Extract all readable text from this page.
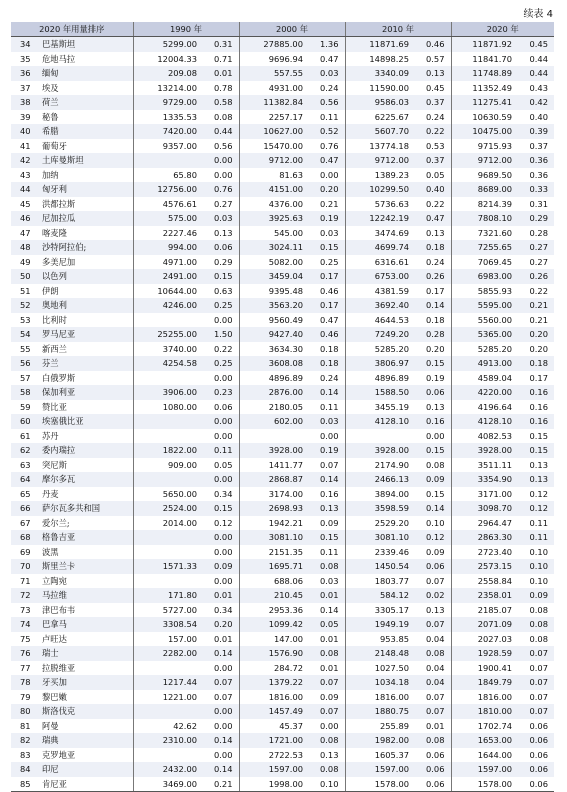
续表 4
2020 年用量排序		1990 年		2000 年		2010 年		2020 年	
34	巴基斯坦	5299.00	0.31	27885.00	1.36	11871.69	0.46	11871.92	0.45
35	危地马拉	12004.33	0.71	9696.94	0.47	14898.25	0.57	11841.70	0.44
36	缅甸	209.08	0.01	557.55	0.03	3340.09	0.13	11748.89	0.44
37	埃及	13214.00	0.78	4931.00	0.24	11590.00	0.45	11352.49	0.43
38	荷兰	9729.00	0.58	11382.84	0.56	9586.03	0.37	11275.41	0.42
39	秘鲁	1335.53	0.08	2257.17	0.11	6225.67	0.24	10630.59	0.40
40	希腊	7420.00	0.44	10627.00	0.52	5607.70	0.22	10475.00	0.39
41	葡萄牙	9357.00	0.56	15470.00	0.76	13774.18	0.53	9715.93	0.37
42	土库曼斯坦		0.00	9712.00	0.47	9712.00	0.37	9712.00	0.36
43	加纳	65.80	0.00	81.63	0.00	1389.23	0.05	9689.50	0.36
44	匈牙利	12756.00	0.76	4151.00	0.20	10299.50	0.40	8689.00	0.33
45	洪都拉斯	4576.61	0.27	4376.00	0.21	5736.63	0.22	8214.39	0.31
46	尼加拉瓜	575.00	0.03	3925.63	0.19	12242.19	0.47	7808.10	0.29
47	喀麦隆	2227.46	0.13	545.00	0.03	3474.69	0.13	7321.60	0.28
48	沙特阿拉伯;	994.00	0.06	3024.11	0.15	4699.74	0.18	7255.65	0.27
49	多美尼加	4971.00	0.29	5082.00	0.25	6316.61	0.24	7069.45	0.27
50	以色列	2491.00	0.15	3459.04	0.17	6753.00	0.26	6983.00	0.26
51	伊朗	10644.00	0.63	9395.48	0.46	4381.59	0.17	5855.93	0.22
52	奥地利	4246.00	0.25	3563.20	0.17	3692.40	0.14	5595.00	0.21
53	比利时		0.00	9560.49	0.47	4644.53	0.18	5560.00	0.21
54	罗马尼亚	25255.00	1.50	9427.40	0.46	7249.20	0.28	5365.00	0.20
55	新西兰	3740.00	0.22	3634.30	0.18	5285.20	0.20	5285.20	0.20
56	芬兰	4254.58	0.25	3608.08	0.18	3806.97	0.15	4913.00	0.18
57	白俄罗斯		0.00	4896.89	0.24	4896.89	0.19	4589.04	0.17
58	保加利亚	3906.00	0.23	2876.00	0.14	1588.50	0.06	4220.00	0.16
59	赞比亚	1080.00	0.06	2180.05	0.11	3455.19	0.13	4196.64	0.16
60	埃塞俄比亚		0.00	602.00	0.03	4128.10	0.16	4128.10	0.16
61	苏丹		0.00		0.00		0.00	4082.53	0.15
62	委内瑞拉	1822.00	0.11	3928.00	0.19	3928.00	0.15	3928.00	0.15
63	突尼斯	909.00	0.05	1411.77	0.07	2174.90	0.08	3511.11	0.13
64	摩尔多瓦		0.00	2868.87	0.14	2466.13	0.09	3354.90	0.13
65	丹麦	5650.00	0.34	3174.00	0.16	3894.00	0.15	3171.00	0.12
66	萨尔瓦多共和国	2524.00	0.15	2698.93	0.13	3598.59	0.14	3098.70	0.12
67	爱尔兰;	2014.00	0.12	1942.21	0.09	2529.20	0.10	2964.47	0.11
68	格鲁吉亚		0.00	3081.10	0.15	3081.10	0.12	2863.30	0.11
69	波黑		0.00	2151.35	0.11	2339.46	0.09	2723.40	0.10
70	斯里兰卡	1571.33	0.09	1695.71	0.08	1450.54	0.06	2573.15	0.10
71	立陶宛		0.00	688.06	0.03	1803.77	0.07	2558.84	0.10
72	马拉维	171.80	0.01	210.45	0.01	584.12	0.02	2358.01	0.09
73	津巴布韦	5727.00	0.34	2953.36	0.14	3305.17	0.13	2185.07	0.08
74	巴拿马	3308.54	0.20	1099.42	0.05	1949.19	0.07	2071.09	0.08
75	卢旺达	157.00	0.01	147.00	0.01	953.85	0.04	2027.03	0.08
76	瑞士	2282.00	0.14	1576.90	0.08	2148.48	0.08	1928.59	0.07
77	拉脱维亚		0.00	284.72	0.01	1027.50	0.04	1900.41	0.07
78	牙买加	1217.44	0.07	1379.22	0.07	1034.18	0.04	1849.79	0.07
79	黎巴嫩	1221.00	0.07	1816.00	0.09	1816.00	0.07	1816.00	0.07
80	斯洛伐克		0.00	1457.49	0.07	1880.75	0.07	1810.00	0.07
81	阿曼	42.62	0.00	45.37	0.00	255.89	0.01	1702.74	0.06
82	瑞典	2310.00	0.14	1721.00	0.08	1982.00	0.08	1653.00	0.06
83	克罗地亚		0.00	2722.53	0.13	1605.37	0.06	1644.00	0.06
84	印尼	2432.00	0.14	1597.00	0.08	1597.00	0.06	1597.00	0.06
85	肯尼亚	3469.00	0.21	1998.00	0.10	1578.00	0.06	1578.00	0.06
